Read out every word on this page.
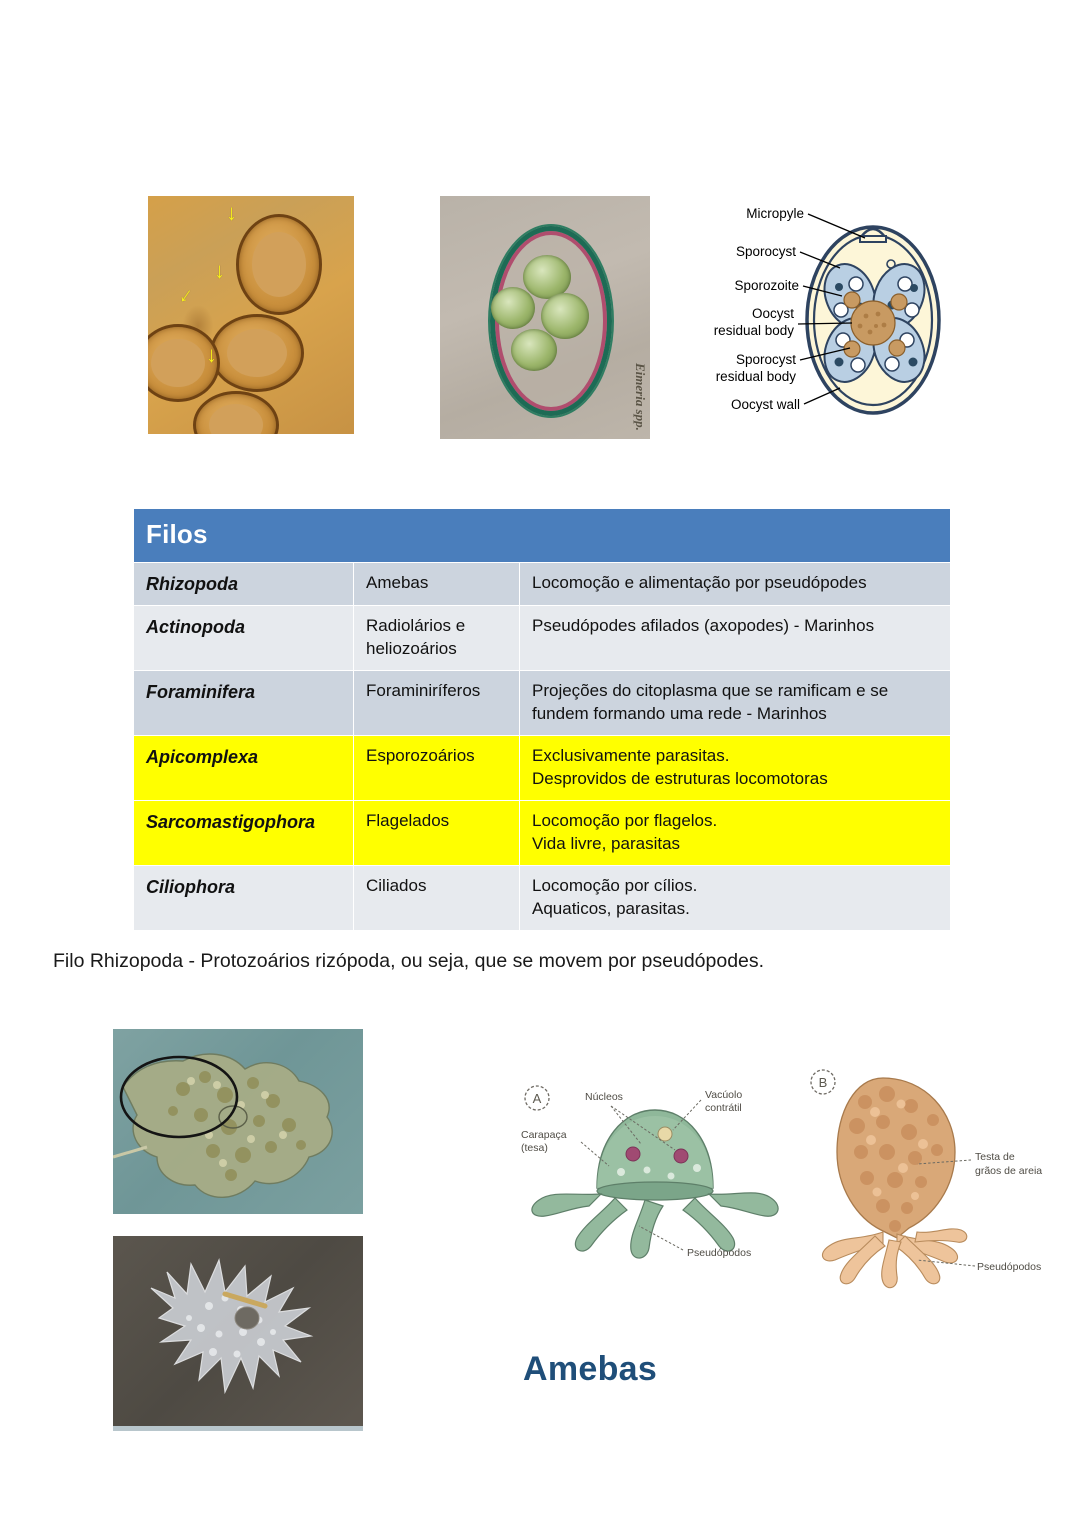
↓
↓
↓
↓
Eimeria spp.
Micropyle
Sporocyst
Sporozoite
Oocyst
residual body
Sporocyst
residual body
Oocyst wall
Filos		
Rhizopoda	Amebas	Locomoção e alimentação por pseudópodes

Actinopoda	Radiolários e heliozoários	Pseudópodes afilados (axopodes) - Marinhos

Foraminifera	Foraminiríferos	Projeções do citoplasma que se ramificam e se
fundem formando uma rede - Marinhos

Apicomplexa	Esporozoários	Exclusivamente parasitas.
Desprovidos de estruturas locomotoras

Sarcomastigophora	Flagelados	Locomoção por flagelos.
Vida livre, parasitas

Ciliophora	Ciliados	Locomoção por cílios.
Aquaticos, parasitas.
Filo Rhizopoda - Protozoários rizópoda, ou seja, que se movem por pseudópodes.
A	Núcleos	Vacúolo
contrátil
Carapaça
(tesa)
Pseudópodos
B
Testa de
grãos de areia
Pseudópodos
Amebas
